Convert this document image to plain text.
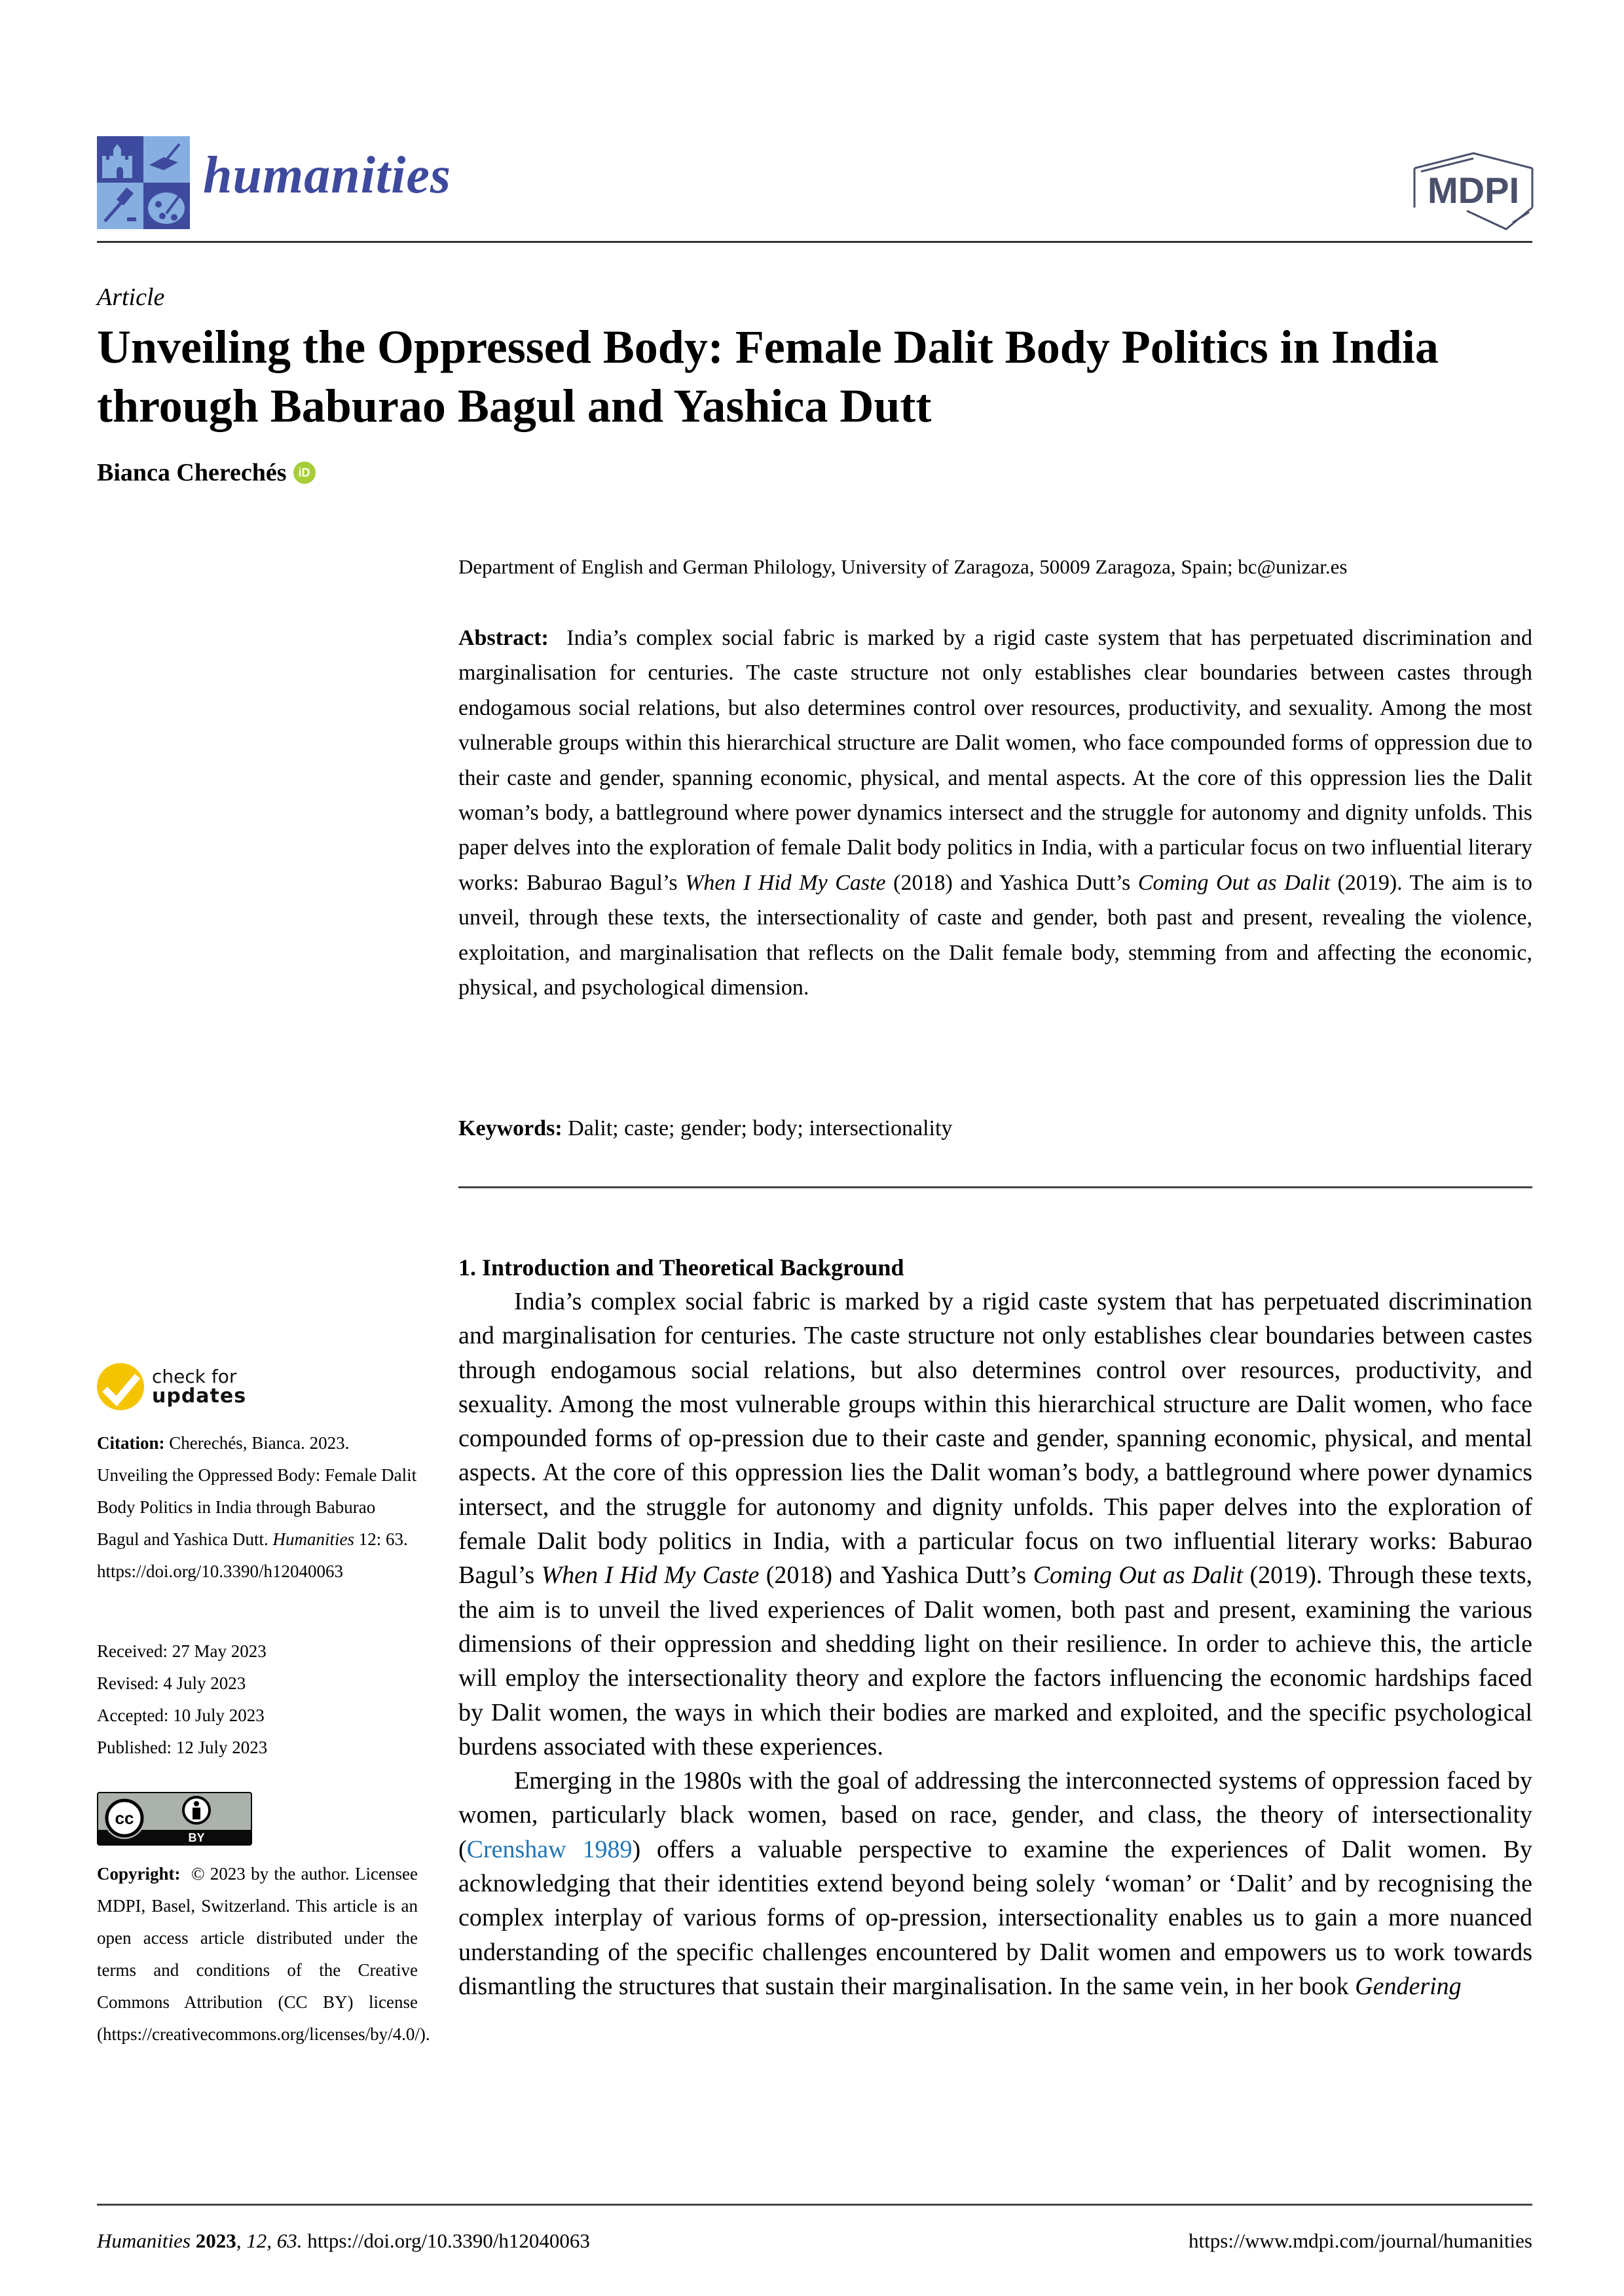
humanities	MDPI
Article
Unveiling the Oppressed Body: Female Dalit Body Politics in India through Baburao Bagul and Yashica Dutt
Bianca Cherechés	iD
Department of English and German Philology, University of Zaragoza, 50009 Zaragoza, Spain; bc@unizar.es
Abstract: India’s complex social fabric is marked by a rigid caste system that has perpetuated discrimination and marginalisation for centuries. The caste structure not only establishes clear boundaries between castes through endogamous social relations, but also determines control over resources, productivity, and sexuality. Among the most vulnerable groups within this hierarchical structure are Dalit women, who face compounded forms of oppression due to their caste and gender, spanning economic, physical, and mental aspects. At the core of this oppression lies the Dalit woman’s body, a battleground where power dynamics intersect and the struggle for autonomy and dignity unfolds. This paper delves into the exploration of female Dalit body politics in India, with a particular focus on two influential literary works: Baburao Bagul’s When I Hid My Caste (2018) and Yashica Dutt’s Coming Out as Dalit (2019). The aim is to unveil, through these texts, the intersectionality of caste and gender, both past and present, revealing the violence, exploitation, and marginalisation that reflects on the Dalit female body, stemming from and affecting the economic, physical, and psychological dimension.
Keywords: Dalit; caste; gender; body; intersectionality
1. Introduction and Theoretical Background

India’s complex social fabric is marked by a rigid caste system that has perpetuated discrimination and marginalisation for centuries. The caste structure not only establishes clear boundaries between castes through endogamous social relations, but also determines control over resources, productivity, and sexuality. Among the most vulnerable groups within this hierarchical structure are Dalit women, who face compounded forms of op-pression due to their caste and gender, spanning economic, physical, and mental aspects. At the core of this oppression lies the Dalit woman’s body, a battleground where power dynamics intersect, and the struggle for autonomy and dignity unfolds. This paper delves into the exploration of female Dalit body politics in India, with a particular focus on two influential literary works: Baburao Bagul’s When I Hid My Caste (2018) and Yashica Dutt’s Coming Out as Dalit (2019). Through these texts, the aim is to unveil the lived experiences of Dalit women, both past and present, examining the various dimensions of their oppression and shedding light on their resilience. In order to achieve this, the article will employ the intersectionality theory and explore the factors influencing the economic hardships faced by Dalit women, the ways in which their bodies are marked and exploited, and the specific psychological burdens associated with these experiences.

Emerging in the 1980s with the goal of addressing the interconnected systems of oppression faced by women, particularly black women, based on race, gender, and class, the theory of intersectionality (Crenshaw 1989) offers a valuable perspective to examine the experiences of Dalit women. By acknowledging that their identities extend beyond being solely ‘woman’ or ‘Dalit’ and by recognising the complex interplay of various forms of op-pression, intersectionality enables us to gain a more nuanced understanding of the specific challenges encountered by Dalit women and empowers us to work towards dismantling the structures that sustain their marginalisation. In the same vein, in her book Gendering

check for
updates
Citation: Cherechés, Bianca. 2023. Unveiling the Oppressed Body: Female Dalit Body Politics in India through Baburao Bagul and Yashica Dutt. Humanities 12: 63. https://doi.org/10.3390/h12040063
Received: 27 May 2023
Revised: 4 July 2023
Accepted: 10 July 2023
Published: 12 July 2023
cc
BY
Copyright: © 2023 by the author. Licensee MDPI, Basel, Switzerland. This article is an open access article distributed under the terms and conditions of the Creative Commons Attribution (CC BY) license (https://creativecommons.org/licenses/by/4.0/).
Humanities 2023, 12, 63. https://doi.org/10.3390/h12040063	https://www.mdpi.com/journal/humanities
